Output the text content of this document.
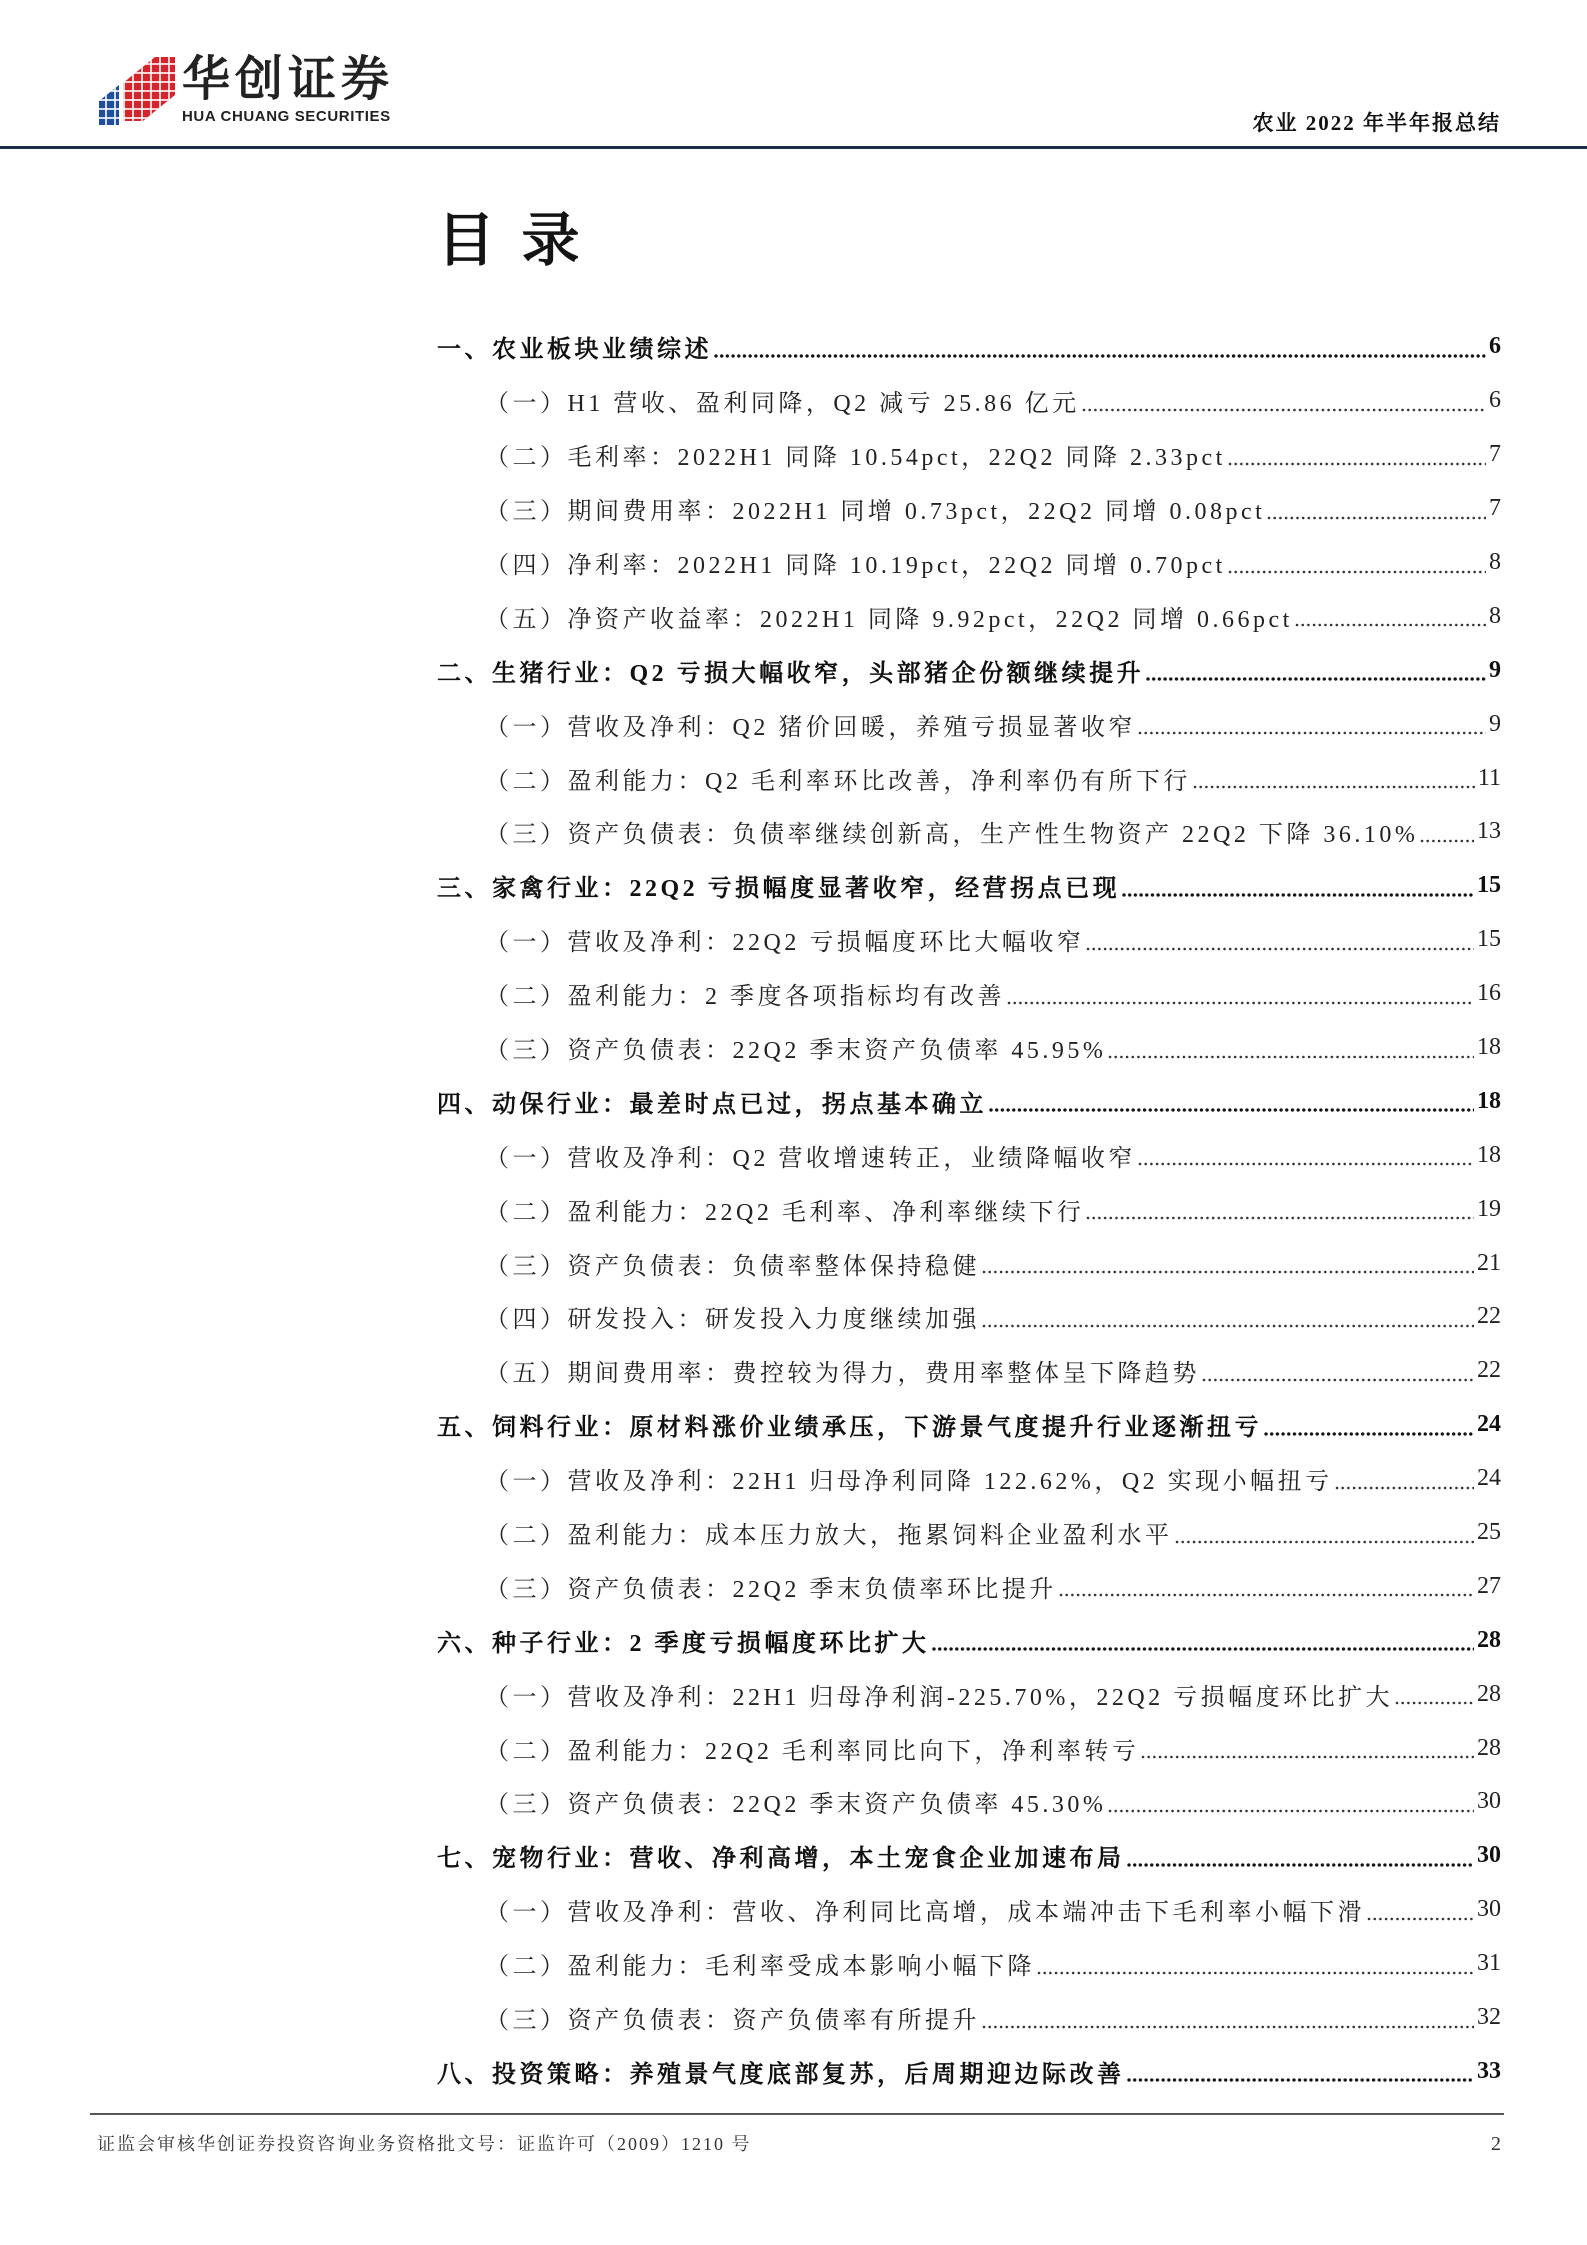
华创证券
HUA CHUANG SECURITIES	农业 2022 年半年报总结
目 录
一、农业板块业绩综述	6
（一）H1 营收、盈利同降，Q2 减亏 25.86 亿元	6
（二）毛利率：2022H1 同降 10.54pct，22Q2 同降 2.33pct	7
（三）期间费用率：2022H1 同增 0.73pct，22Q2 同增 0.08pct	7
（四）净利率：2022H1 同降 10.19pct，22Q2 同增 0.70pct	8
（五）净资产收益率：2022H1 同降 9.92pct，22Q2 同增 0.66pct	8
二、生猪行业：Q2 亏损大幅收窄，头部猪企份额继续提升	9
（一）营收及净利：Q2 猪价回暖，养殖亏损显著收窄	9
（二）盈利能力：Q2 毛利率环比改善，净利率仍有所下行	11
（三）资产负债表：负债率继续创新高，生产性生物资产 22Q2 下降 36.10% 13
三、家禽行业：22Q2 亏损幅度显著收窄，经营拐点已现	15
（一）营收及净利：22Q2 亏损幅度环比大幅收窄	15
（二）盈利能力：2 季度各项指标均有改善	16
（三）资产负债表：22Q2 季末资产负债率 45.95%	18
四、动保行业：最差时点已过，拐点基本确立	18
（一）营收及净利：Q2 营收增速转正，业绩降幅收窄	18
（二）盈利能力：22Q2 毛利率、净利率继续下行	19
（三）资产负债表：负债率整体保持稳健	21
（四）研发投入：研发投入力度继续加强	22
（五）期间费用率：费控较为得力，费用率整体呈下降趋势	22
五、饲料行业：原材料涨价业绩承压，下游景气度提升行业逐渐扭亏	24
（一）营收及净利：22H1 归母净利同降 122.62%，Q2 实现小幅扭亏	24
（二）盈利能力：成本压力放大，拖累饲料企业盈利水平	25
（三）资产负债表：22Q2 季末负债率环比提升	27
六、种子行业：2 季度亏损幅度环比扩大	28
（一）营收及净利：22H1 归母净利润-225.70%，22Q2 亏损幅度环比扩大	28
（二）盈利能力：22Q2 毛利率同比向下，净利率转亏	28
（三）资产负债表：22Q2 季末资产负债率 45.30%	30
七、宠物行业：营收、净利高增，本土宠食企业加速布局	30
（一）营收及净利：营收、净利同比高增，成本端冲击下毛利率小幅下滑	30
（二）盈利能力：毛利率受成本影响小幅下降	31
（三）资产负债表：资产负债率有所提升	32
八、投资策略：养殖景气度底部复苏，后周期迎边际改善	33
证监会审核华创证券投资咨询业务资格批文号：证监许可（2009）1210 号	2
